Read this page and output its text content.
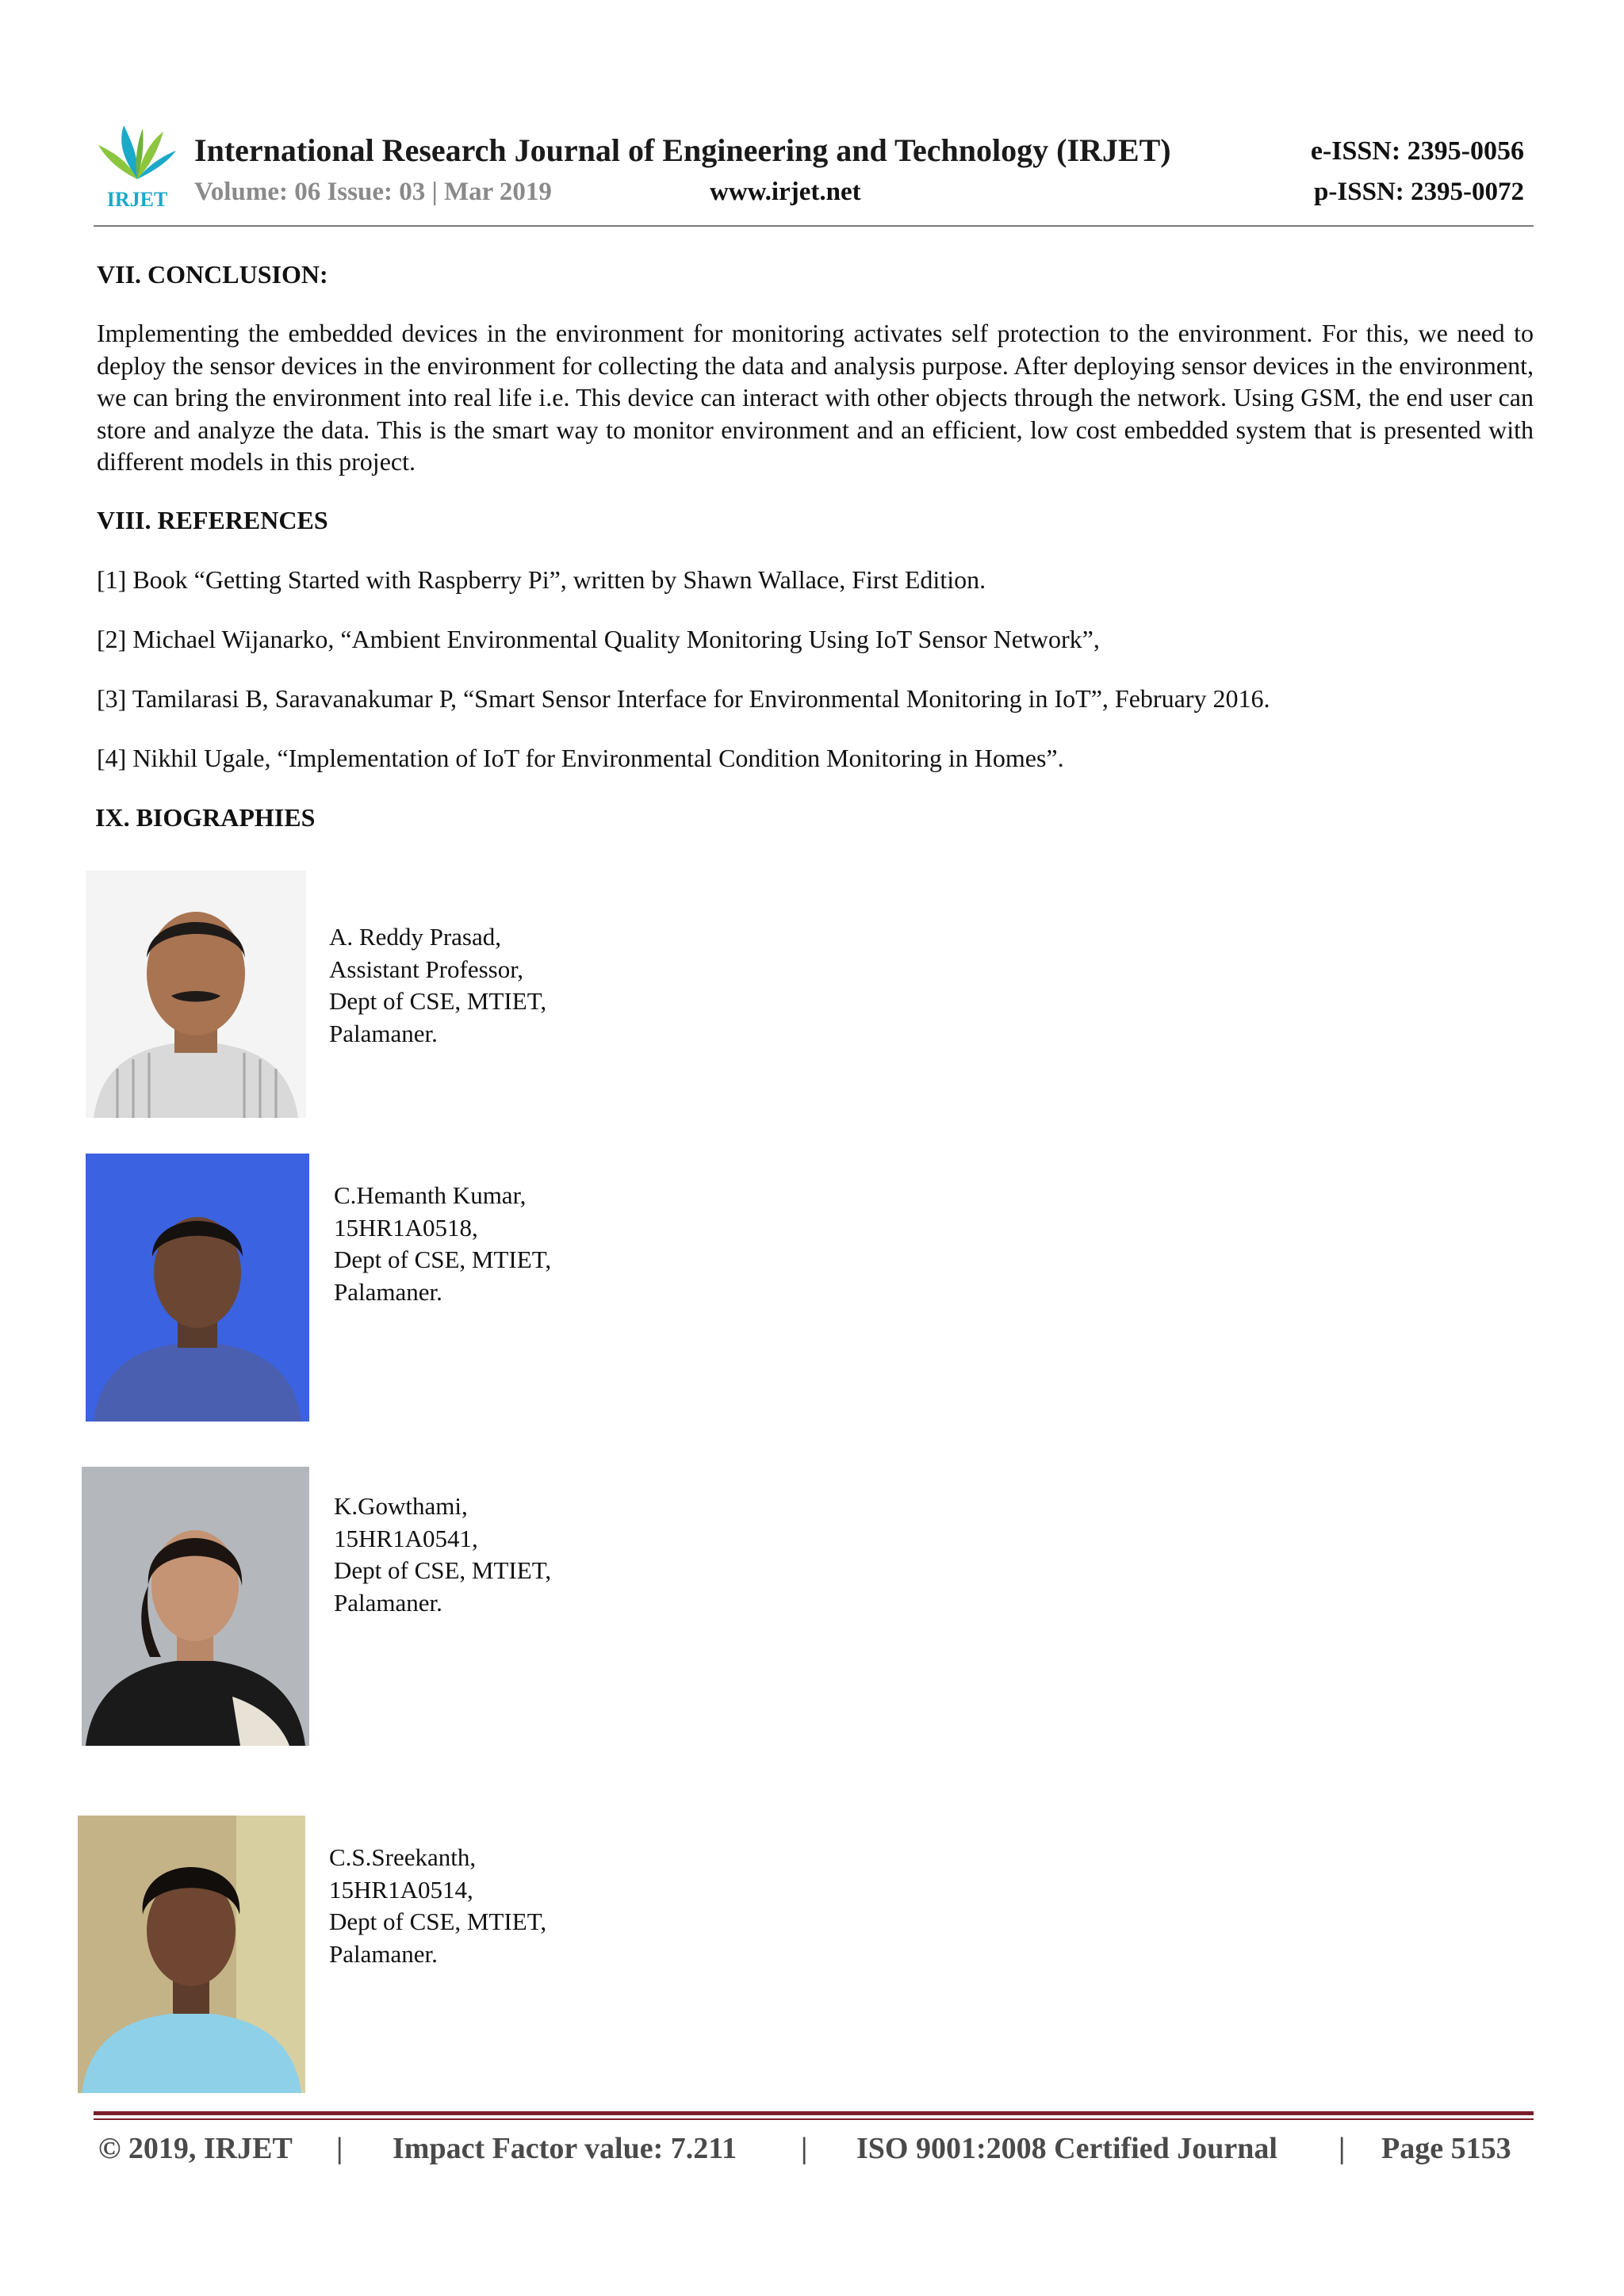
IRJET
International Research Journal of Engineering and Technology (IRJET)	e-ISSN: 2395-0056
Volume: 06 Issue: 03 | Mar 2019	www.irjet.net	p-ISSN: 2395-0072
VII. CONCLUSION:
Implementing the embedded devices in the environment for monitoring activates self protection to the environment. For this, we need to deploy the sensor devices in the environment for collecting the data and analysis purpose. After deploying sensor devices in the environment, we can bring the environment into real life i.e. This device can interact with other objects through the network. Using GSM, the end user can store and analyze the data. This is the smart way to monitor environment and an efficient, low cost embedded system that is presented with different models in this project.
VIII. REFERENCES
[1] Book “Getting Started with Raspberry Pi”, written by Shawn Wallace, First Edition.
[2] Michael Wijanarko, “Ambient Environmental Quality Monitoring Using IoT Sensor Network”,
[3] Tamilarasi B, Saravanakumar P, “Smart Sensor Interface for Environmental Monitoring in IoT”, February 2016.
[4] Nikhil Ugale, “Implementation of IoT for Environmental Condition Monitoring in Homes”.
IX. BIOGRAPHIES
A. Reddy Prasad,
Assistant Professor,
Dept of CSE, MTIET,
Palamaner.
C.Hemanth Kumar,
15HR1A0518,
Dept of CSE, MTIET,
Palamaner.
K.Gowthami,
15HR1A0541,
Dept of CSE, MTIET,
Palamaner.
C.S.Sreekanth,
15HR1A0514,
Dept of CSE, MTIET,
Palamaner.
© 2019, IRJET | Impact Factor value: 7.211 | ISO 9001:2008 Certified Journal | Page 5153
